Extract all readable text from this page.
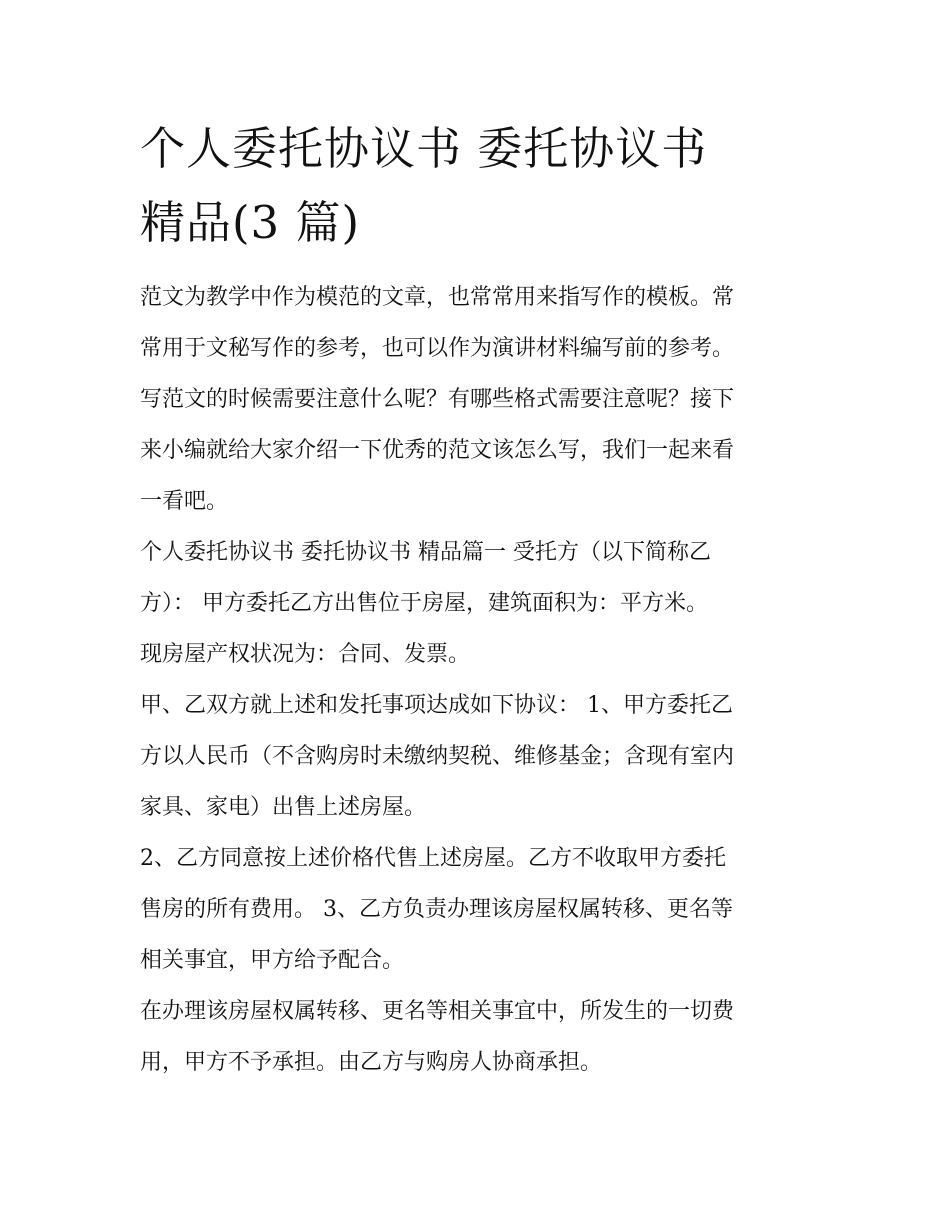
个人委托协议书 委托协议书
精品(3 篇)
范文为教学中作为模范的文章，也常常用来指写作的模板。常
常用于文秘写作的参考，也可以作为演讲材料编写前的参考。
写范文的时候需要注意什么呢？有哪些格式需要注意呢？接下
来小编就给大家介绍一下优秀的范文该怎么写，我们一起来看
一看吧。
个人委托协议书 委托协议书 精品篇一 受托方（以下简称乙
方）： 甲方委托乙方出售位于房屋，建筑面积为：平方米。
现房屋产权状况为：合同、发票。
甲、乙双方就上述和发托事项达成如下协议： 1、甲方委托乙
方以人民币（不含购房时未缴纳契税、维修基金；含现有室内
家具、家电）出售上述房屋。
2、乙方同意按上述价格代售上述房屋。乙方不收取甲方委托
售房的所有费用。 3、乙方负责办理该房屋权属转移、更名等
相关事宜，甲方给予配合。
在办理该房屋权属转移、更名等相关事宜中，所发生的一切费
用，甲方不予承担。由乙方与购房人协商承担。
